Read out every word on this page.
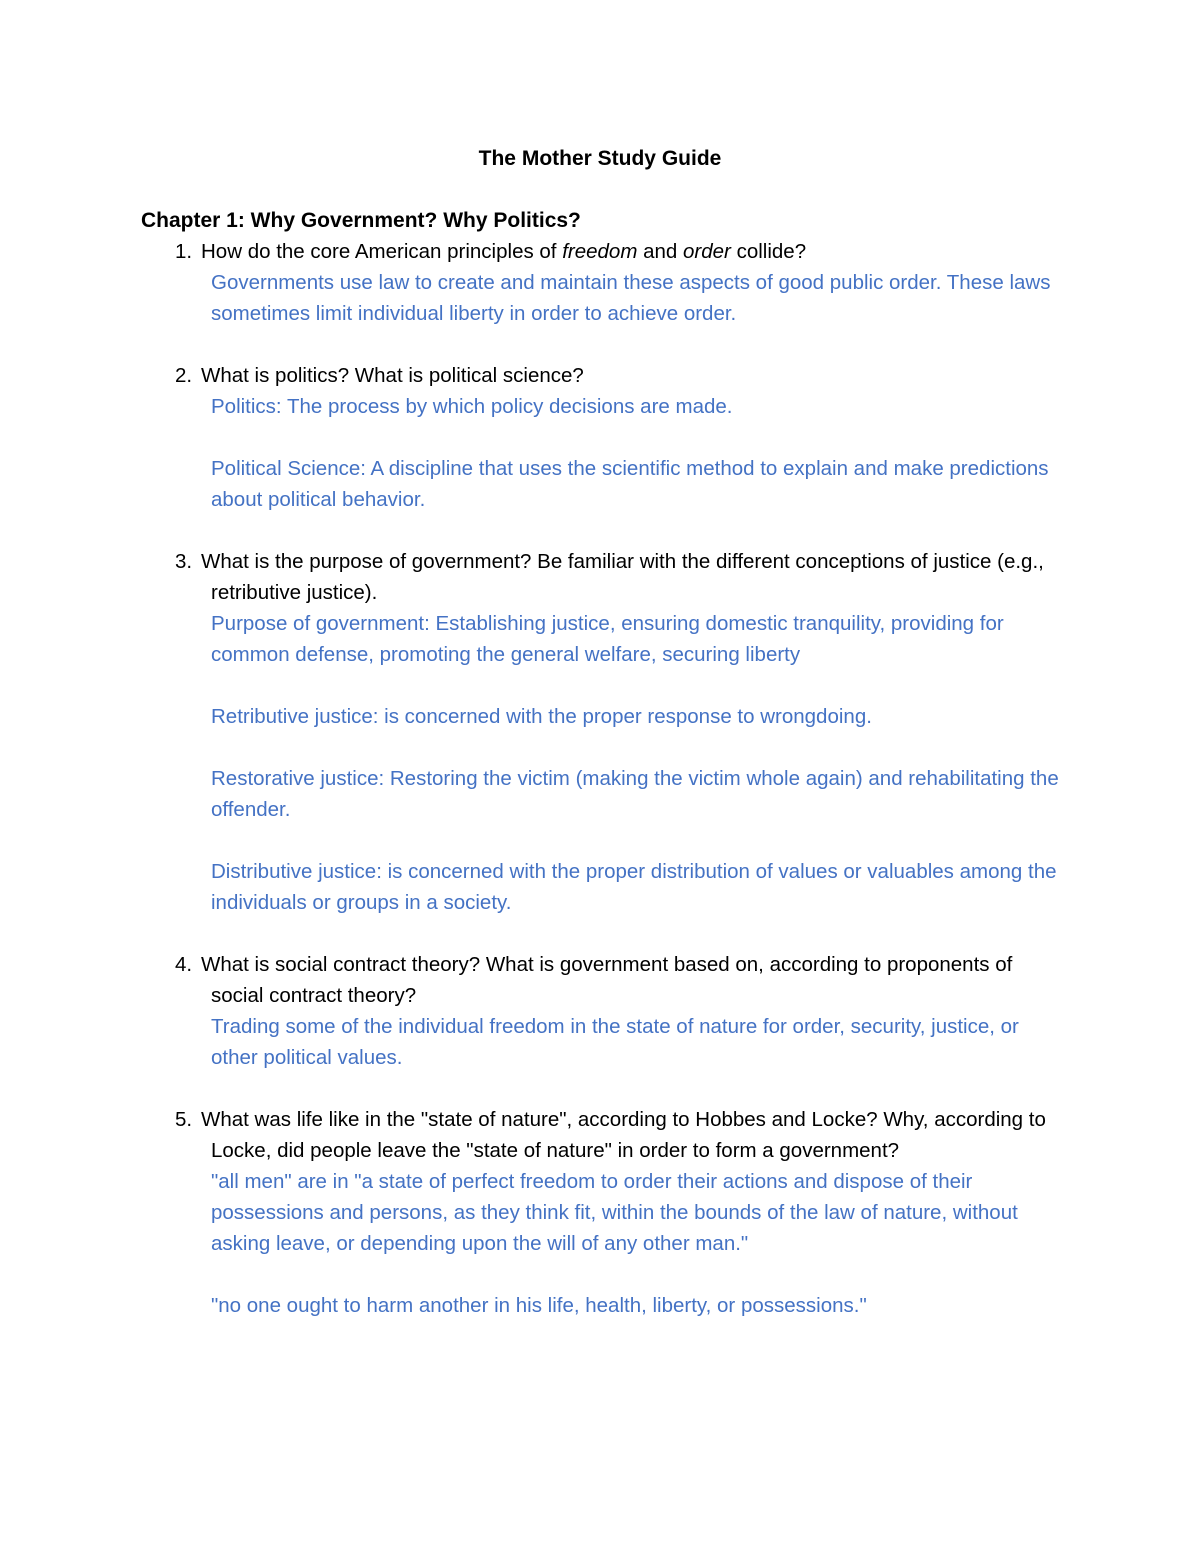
The Mother Study Guide
Chapter 1: Why Government? Why Politics?

1. How do the core American principles of freedom and order collide?

Governments use law to create and maintain these aspects of good public order. These laws sometimes limit individual liberty in order to achieve order.

2. What is politics? What is political science?

Politics: The process by which policy decisions are made.

Political Science: A discipline that uses the scientific method to explain and make predictions about political behavior.

3. What is the purpose of government? Be familiar with the different conceptions of justice (e.g., retributive justice).

Purpose of government: Establishing justice, ensuring domestic tranquility, providing for common defense, promoting the general welfare, securing liberty

Retributive justice: is concerned with the proper response to wrongdoing.

Restorative justice: Restoring the victim (making the victim whole again) and rehabilitating the offender.

Distributive justice: is concerned with the proper distribution of values or valuables among the individuals or groups in a society.

4. What is social contract theory? What is government based on, according to proponents of social contract theory?

Trading some of the individual freedom in the state of nature for order, security, justice, or other political values.

5. What was life like in the "state of nature", according to Hobbes and Locke? Why, according to Locke, did people leave the "state of nature" in order to form a government?

"all men" are in "a state of perfect freedom to order their actions and dispose of their possessions and persons, as they think fit, within the bounds of the law of nature, without asking leave, or depending upon the will of any other man."

"no one ought to harm another in his life, health, liberty, or possessions."
